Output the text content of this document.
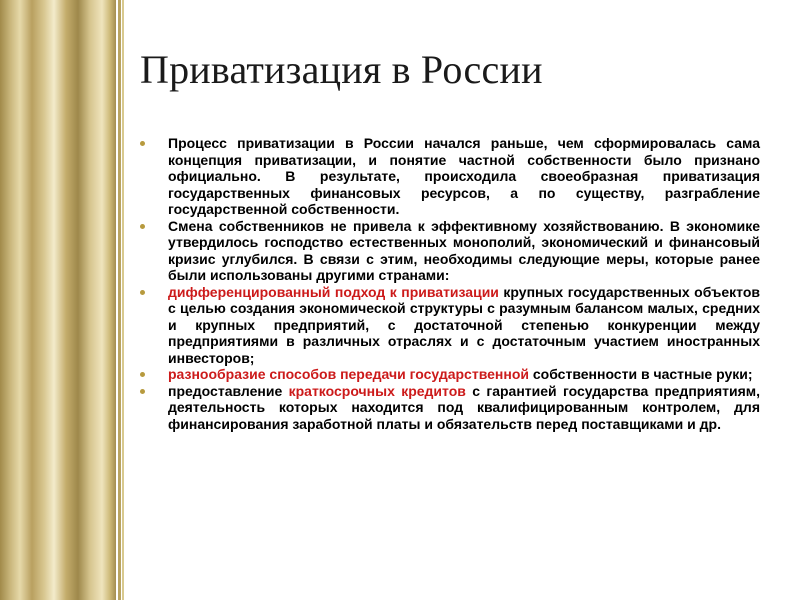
Приватизация в России
Процесс приватизации в России начался раньше, чем сформировалась сама концепция приватизации, и понятие частной собственности было признано официально. В результате, происходила своеобразная приватизация государственных финансовых ресурсов, а по существу, разграбление государственной собственности.
Смена собственников не привела к эффективному хозяйствованию. В экономике утвердилось господство естественных монополий, экономический и финансовый кризис углубился. В связи с этим, необходимы следующие меры, которые ранее были использованы другими странами:
дифференцированный подход к приватизации крупных государственных объектов с целью создания экономической структуры с разумным балансом малых, средних и крупных предприятий, с достаточной степенью конкуренции между предприятиями в различных отраслях и с достаточным участием иностранных инвесторов;
разнообразие способов передачи государственной собственности в частные руки;
предоставление краткосрочных кредитов с гарантией государства предприятиям, деятельность которых находится под квалифицированным контролем, для финансирования заработной платы и обязательств перед поставщиками и др.
